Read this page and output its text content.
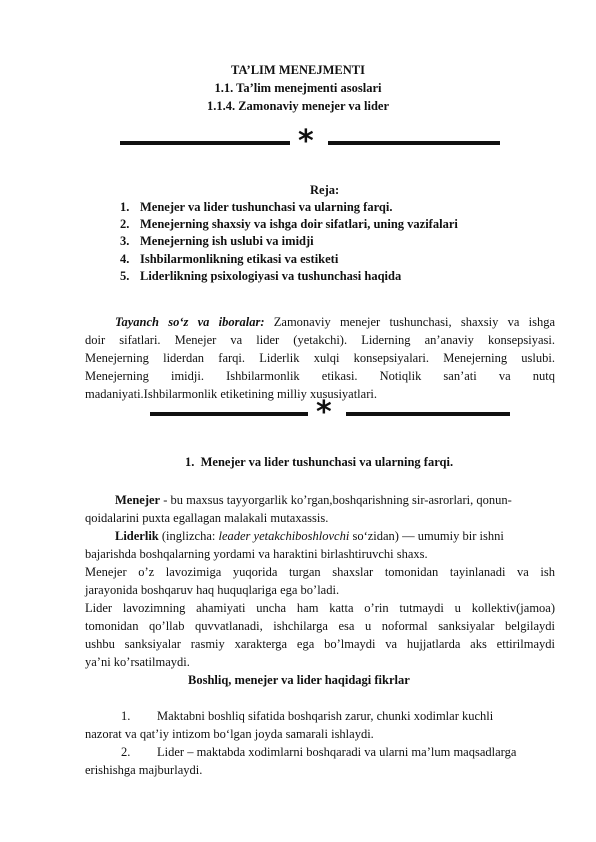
TA’LIM MENEJMENTI
1.1. Ta’lim menejmenti asoslari
1.1.4. Zamonaviy menejer va lider
*
Reja:
1. Menejer va lider tushunchasi va ularning farqi.
2. Menejerning shaxsiy va ishga doir sifatlari, uning vazifalari
3. Menejerning ish uslubi va imidji
4. Ishbilarmonlikning etikasi va estiketi
5. Liderlikning psixologiyasi va tushunchasi haqida
Tayanch so‘z va iboralar: Zamonaviy menejer tushunchasi, shaxsiy va ishga
doir sifatlari. Menejer va lider (yetakchi). Liderning an’anaviy konsepsiyasi.
Menejerning liderdan farqi. Liderlik xulqi konsepsiyalari. Menejerning uslubi.
Menejerning imidji. Ishbilarmonlik etikasi. Notiqlik san’ati va nutq
madaniyati.Ishbilarmonlik etiketining milliy xususiyatlari.
*
1. Menejer va lider tushunchasi va ularning farqi.
Menejer - bu maxsus tayyorgarlik ko’rgan,boshqarishning sir-asrorlari, qonun-
qoidalarini puxta egallagan malakali mutaxassis.
Liderlik (inglizcha: leader yetakchiboshlovchi so‘zidan) — umumiy bir ishni
bajarishda boshqalarning yordami va haraktini birlashtiruvchi shaxs.
Menejer o’z lavozimiga yuqorida turgan shaxslar tomonidan tayinlanadi va ish
jarayonida boshqaruv haq huquqlariga ega bo’ladi.
Lider lavozimning ahamiyati uncha ham katta o’rin tutmaydi u kollektiv(jamoa)
tomonidan qo’llab quvvatlanadi, ishchilarga esa u noformal sanksiyalar belgilaydi
ushbu sanksiyalar rasmiy xarakterga ega bo’lmaydi va hujjatlarda aks ettirilmaydi
ya’ni ko’rsatilmaydi.
Boshliq, menejer va lider haqidagi fikrlar
1.	Maktabni boshliq sifatida boshqarish zarur, chunki xodimlar kuchli
nazorat va qat’iy intizom bo‘lgan joyda samarali ishlaydi.
2.	Lider – maktabda xodimlarni boshqaradi va ularni ma’lum maqsadlarga
erishishga majburlaydi.
